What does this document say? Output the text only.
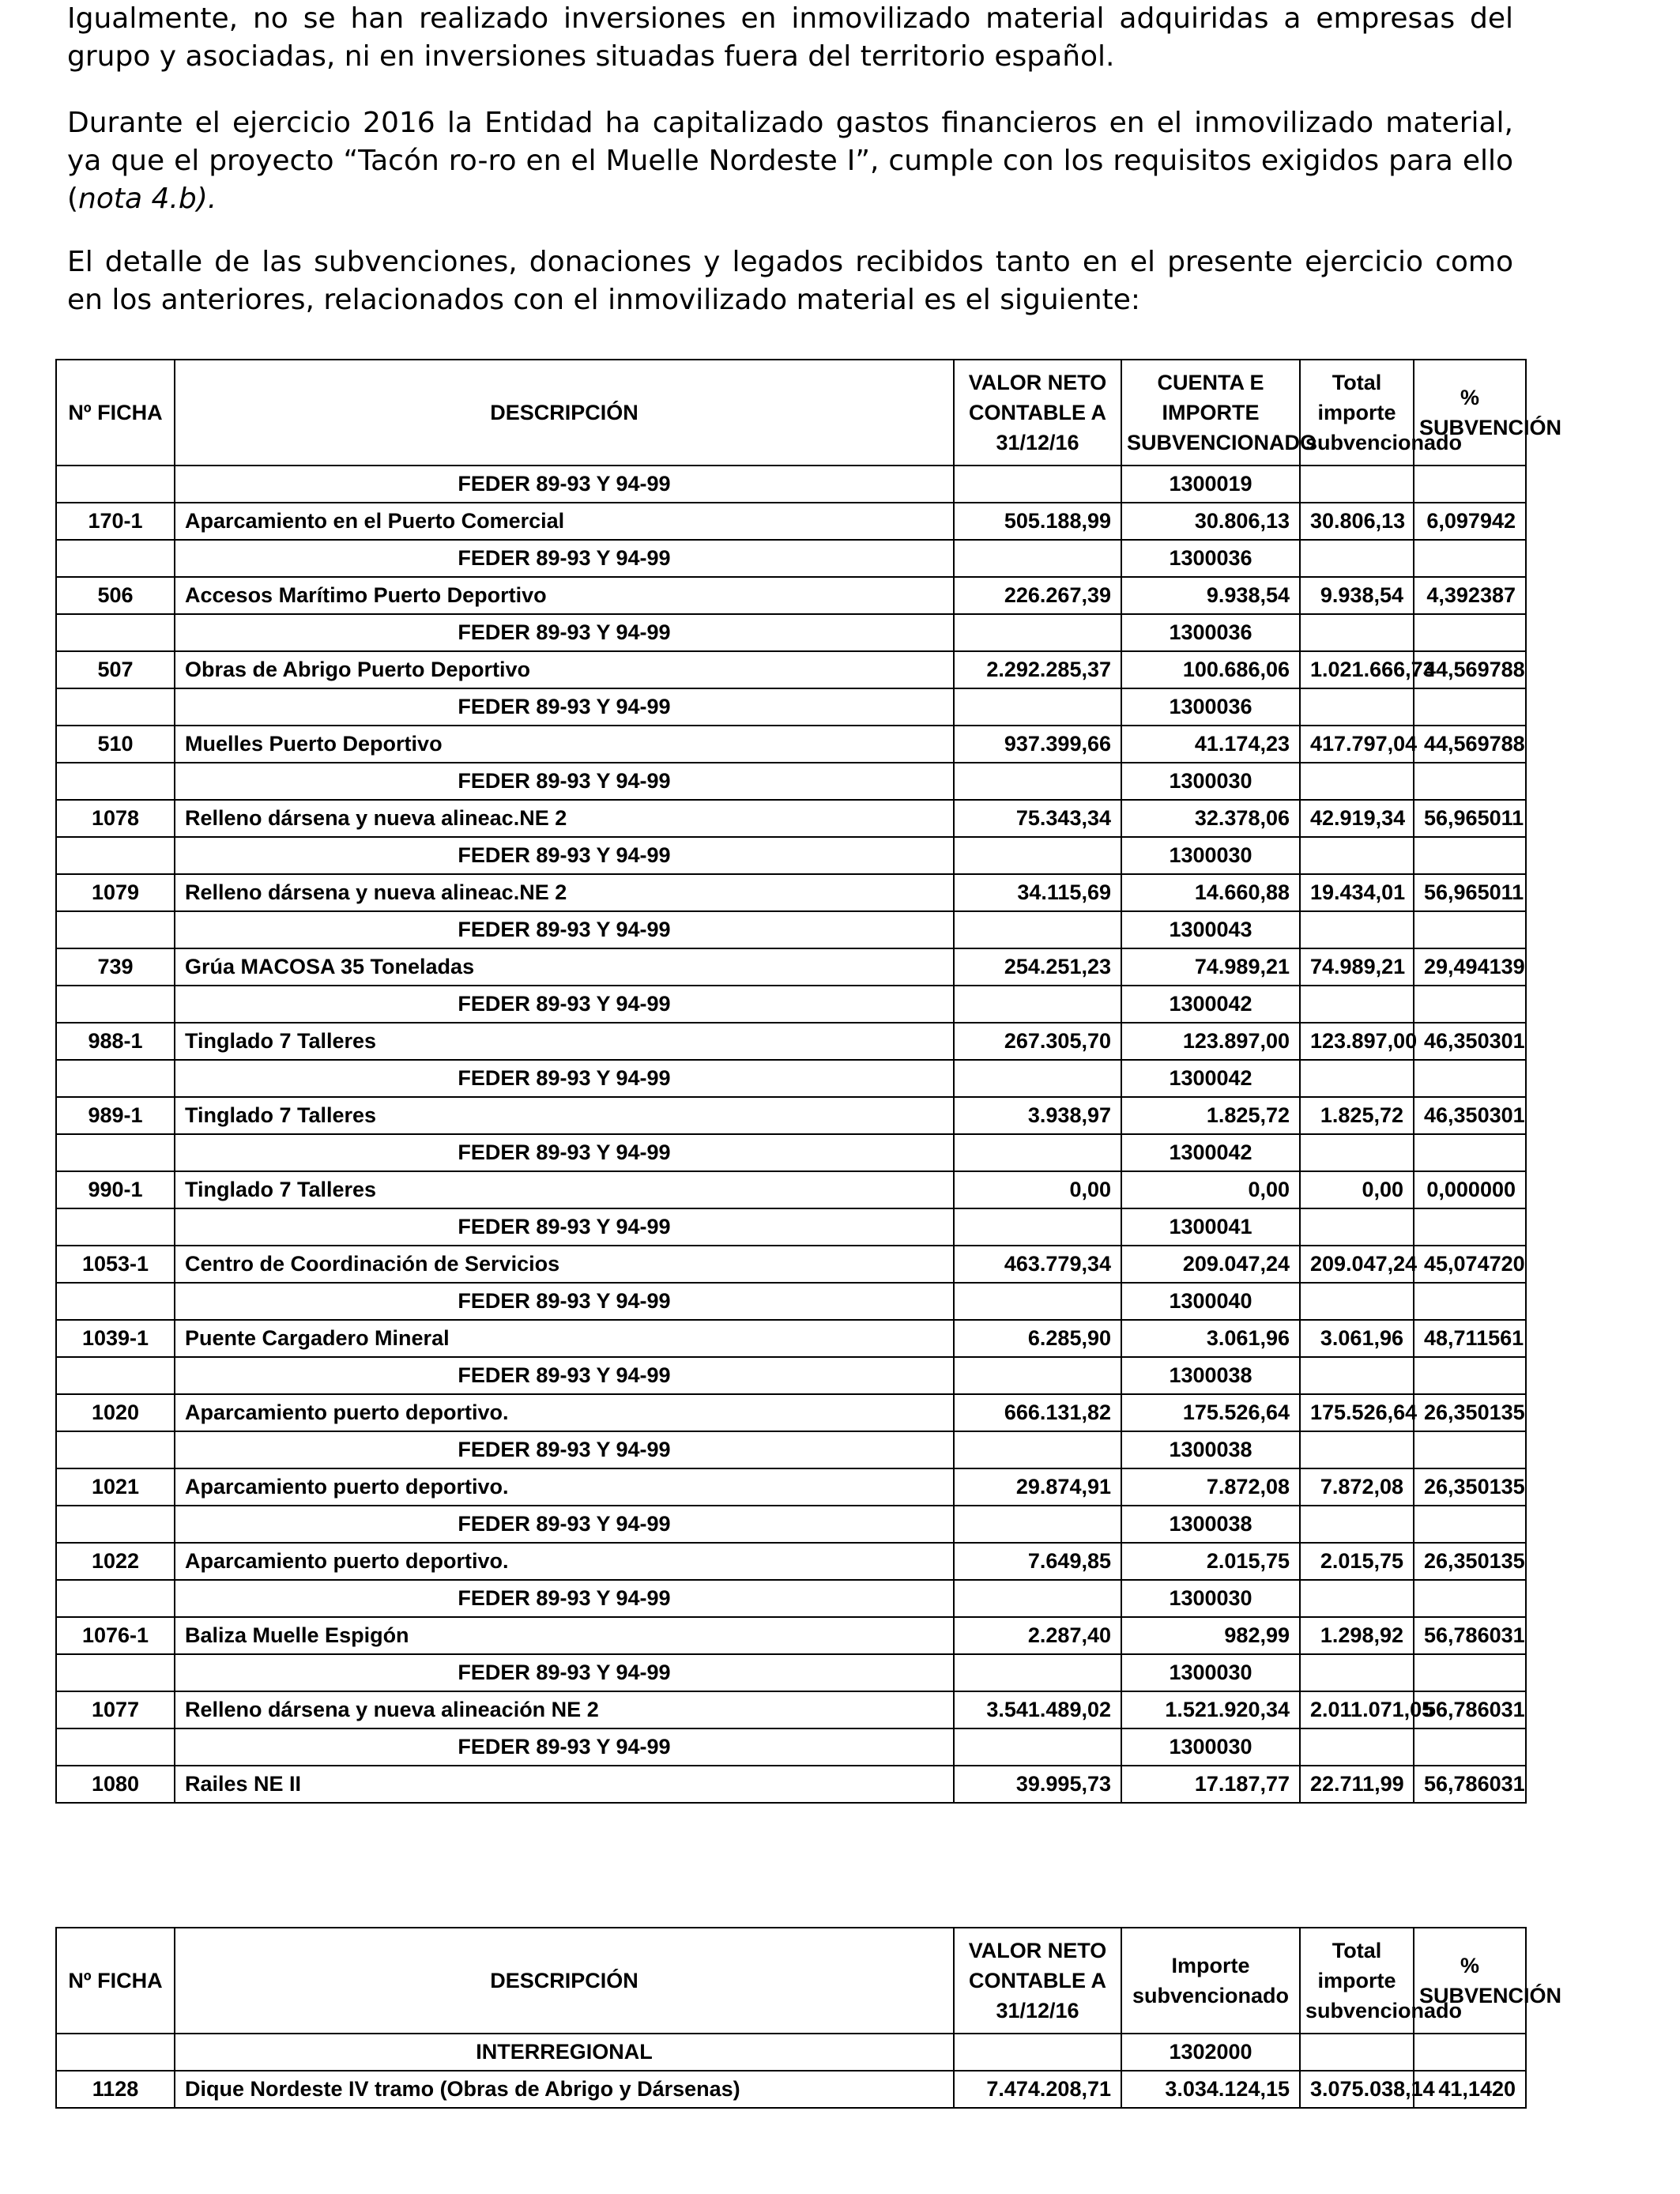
Igualmente, no se han realizado inversiones en inmovilizado material adquiridas a empresas del grupo y asociadas, ni en inversiones situadas fuera del territorio español.

Durante el ejercicio 2016 la Entidad ha capitalizado gastos financieros en el inmovilizado material, ya que el proyecto “Tacón ro-ro en el Muelle Nordeste I”, cumple con los requisitos exigidos para ello (nota 4.b).

El detalle de las subvenciones, donaciones y legados recibidos tanto en el presente ejercicio como en los anteriores, relacionados con el inmovilizado material es el siguiente:

Nº FICHA	DESCRIPCIÓN	VALOR NETO CONTABLE A 31/12/16	CUENTA E IMPORTE SUBVENCIONADO	Total importe subvencionado	% SUBVENCIÓN
	FEDER 89-93 Y 94-99		1300019		
170-1	Aparcamiento en el Puerto Comercial	505.188,99	30.806,13	30.806,13	6,097942
	FEDER 89-93 Y 94-99		1300036		
506	Accesos Marítimo Puerto Deportivo	226.267,39	9.938,54	9.938,54	4,392387
	FEDER 89-93 Y 94-99		1300036		
507	Obras de Abrigo Puerto Deportivo	2.292.285,37	100.686,06	1.021.666,73	44,569788
	FEDER 89-93 Y 94-99		1300036		
510	Muelles Puerto Deportivo	937.399,66	41.174,23	417.797,04	44,569788
	FEDER 89-93 Y 94-99		1300030		
1078	Relleno dársena y nueva alineac.NE 2	75.343,34	32.378,06	42.919,34	56,965011
	FEDER 89-93 Y 94-99		1300030		
1079	Relleno dársena y nueva alineac.NE 2	34.115,69	14.660,88	19.434,01	56,965011
	FEDER 89-93 Y 94-99		1300043		
739	Grúa MACOSA 35 Toneladas	254.251,23	74.989,21	74.989,21	29,494139
	FEDER 89-93 Y 94-99		1300042		
988-1	Tinglado 7 Talleres	267.305,70	123.897,00	123.897,00	46,350301
	FEDER 89-93 Y 94-99		1300042		
989-1	Tinglado 7 Talleres	3.938,97	1.825,72	1.825,72	46,350301
	FEDER 89-93 Y 94-99		1300042		
990-1	Tinglado 7 Talleres	0,00	0,00	0,00	0,000000
	FEDER 89-93 Y 94-99		1300041		
1053-1	Centro de Coordinación de Servicios	463.779,34	209.047,24	209.047,24	45,074720
	FEDER 89-93 Y 94-99		1300040		
1039-1	Puente Cargadero Mineral	6.285,90	3.061,96	3.061,96	48,711561
	FEDER 89-93 Y 94-99		1300038		
1020	Aparcamiento puerto deportivo.	666.131,82	175.526,64	175.526,64	26,350135
	FEDER 89-93 Y 94-99		1300038		
1021	Aparcamiento puerto deportivo.	29.874,91	7.872,08	7.872,08	26,350135
	FEDER 89-93 Y 94-99		1300038		
1022	Aparcamiento puerto deportivo.	7.649,85	2.015,75	2.015,75	26,350135
	FEDER 89-93 Y 94-99		1300030		
1076-1	Baliza Muelle Espigón	2.287,40	982,99	1.298,92	56,786031
	FEDER 89-93 Y 94-99		1300030		
1077	Relleno dársena y nueva alineación NE 2	3.541.489,02	1.521.920,34	2.011.071,05	56,786031
	FEDER 89-93 Y 94-99		1300030		
1080	Railes NE II	39.995,73	17.187,77	22.711,99	56,786031
Nº FICHA	DESCRIPCIÓN	VALOR NETO CONTABLE A 31/12/16	Importe subvencionado	Total importe subvencionado	% SUBVENCIÓN
	INTERREGIONAL		1302000		
1128	Dique Nordeste IV tramo (Obras de Abrigo y Dársenas)	7.474.208,71	3.034.124,15	3.075.038,14	41,1420
